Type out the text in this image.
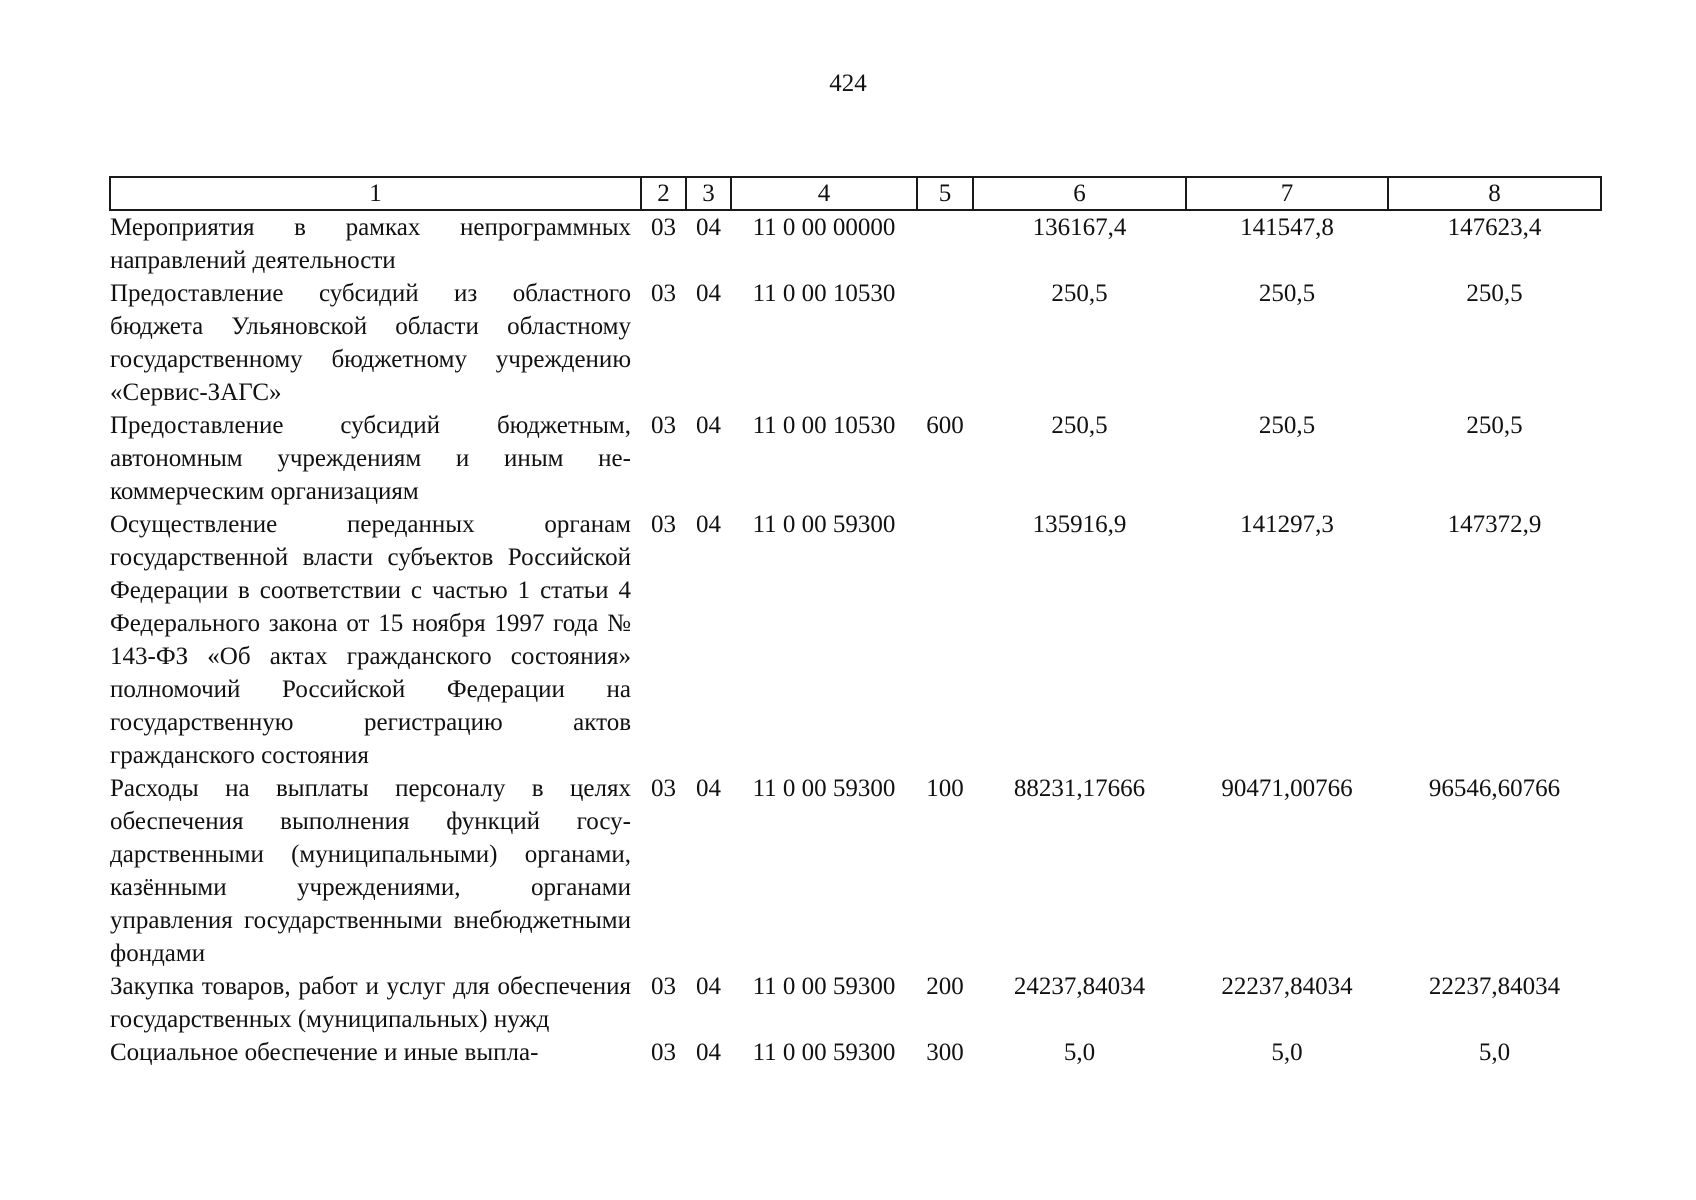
424
1	2	3	4	5	6	7	8
Мероприятия в рамках непрограммных направлений деятельности	03	04	11 0 00 00000		136167,4	141547,8	147623,4
Предоставление субсидий из областного бюджета Ульяновской области областному государственному бюджетному учреждению «Сервис-ЗАГС»	03	04	11 0 00 10530		250,5	250,5	250,5
Предоставление субсидий бюджетным, автономным учреждениям и иным некоммерческим организациям	03	04	11 0 00 10530	600	250,5	250,5	250,5
Осуществление переданных органам государственной власти субъектов Российской Федерации в соответствии с частью 1 статьи 4 Федерального закона от 15 ноября 1997 года № 143-ФЗ «Об актах гражданского состояния» полномочий Российской Федерации на государственную регистрацию актов гражданского состояния	03	04	11 0 00 59300		135916,9	141297,3	147372,9
Расходы на выплаты персоналу в целях обеспечения выполнения функций государственными (муниципальными) органами, казёнными учреждениями, органами управления государственными внебюджетными фондами	03	04	11 0 00 59300	100	88231,17666	90471,00766	96546,60766
Закупка товаров, работ и услуг для обеспечения государственных (муниципальных) нужд	03	04	11 0 00 59300	200	24237,84034	22237,84034	22237,84034
Социальное обеспечение и иные выпла-	03	04	11 0 00 59300	300	5,0	5,0	5,0
